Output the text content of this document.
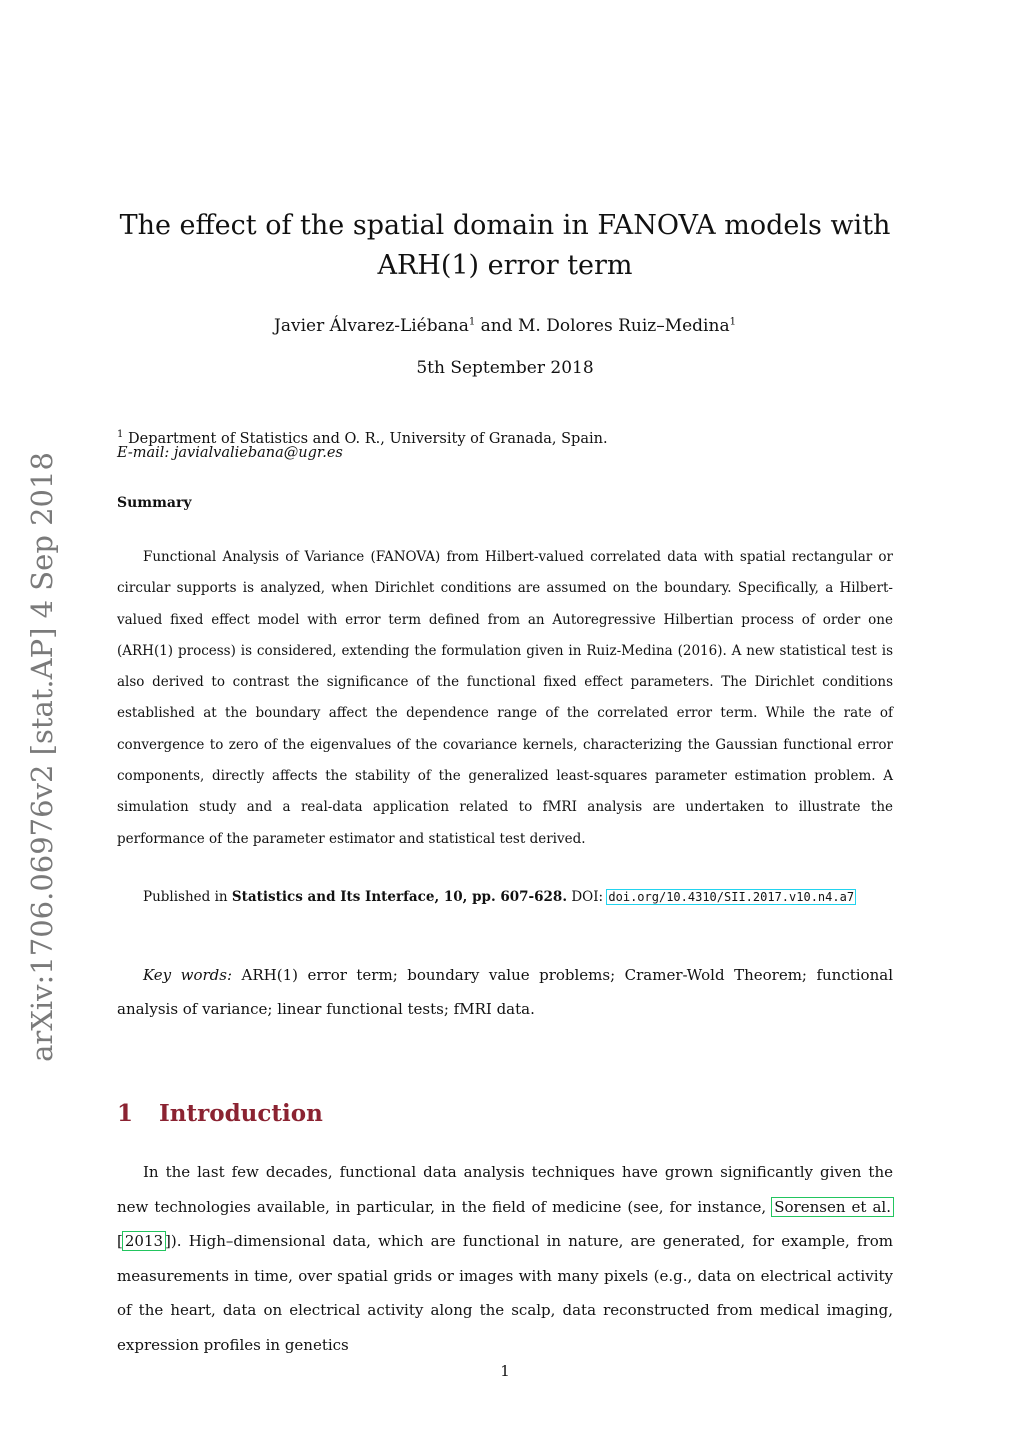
arXiv:1706.06976v2 [stat.AP] 4 Sep 2018
The effect of the spatial domain in FANOVA models with
ARH(1) error term
Javier Álvarez-Liébana$^1$ and M. Dolores Ruiz–Medina$^1$
5th September 2018
$^1$ Department of Statistics and O. R., University of Granada, Spain.
E-mail: javialvaliebana@ugr.es
Summary

Functional Analysis of Variance (FANOVA) from Hilbert-valued correlated data with spatial rectangular or circular supports is analyzed, when Dirichlet conditions are assumed on the boundary. Specifically, a Hilbert-valued fixed effect model with error term defined from an Autoregressive Hilbertian process of order one (ARH(1) process) is considered, extending the formulation given in Ruiz-Medina (2016). A new statistical test is also derived to contrast the significance of the functional fixed effect parameters. The Dirichlet conditions established at the boundary affect the dependence range of the correlated error term. While the rate of convergence to zero of the eigenvalues of the covariance kernels, characterizing the Gaussian functional error components, directly affects the stability of the generalized least-squares parameter estimation problem. A simulation study and a real-data application related to fMRI analysis are undertaken to illustrate the performance of the parameter estimator and statistical test derived.

Published in Statistics and Its Interface, 10, pp. 607-628. DOI: doi.org/10.4310/SII.2017.v10.n4.a7

Key words: ARH(1) error term; boundary value problems; Cramer-Wold Theorem; functional analysis of variance; linear functional tests; fMRI data.

1 Introduction

In the last few decades, functional data analysis techniques have grown significantly given the new technologies available, in particular, in the field of medicine (see, for instance, Sorensen et al. [ 2013 ]). High–dimensional data, which are functional in nature, are generated, for example, from measurements in time, over spatial grids or images with many pixels (e.g., data on electrical activity of the heart, data on electrical activity along the scalp, data reconstructed from medical imaging, expression profiles in genetics

1
